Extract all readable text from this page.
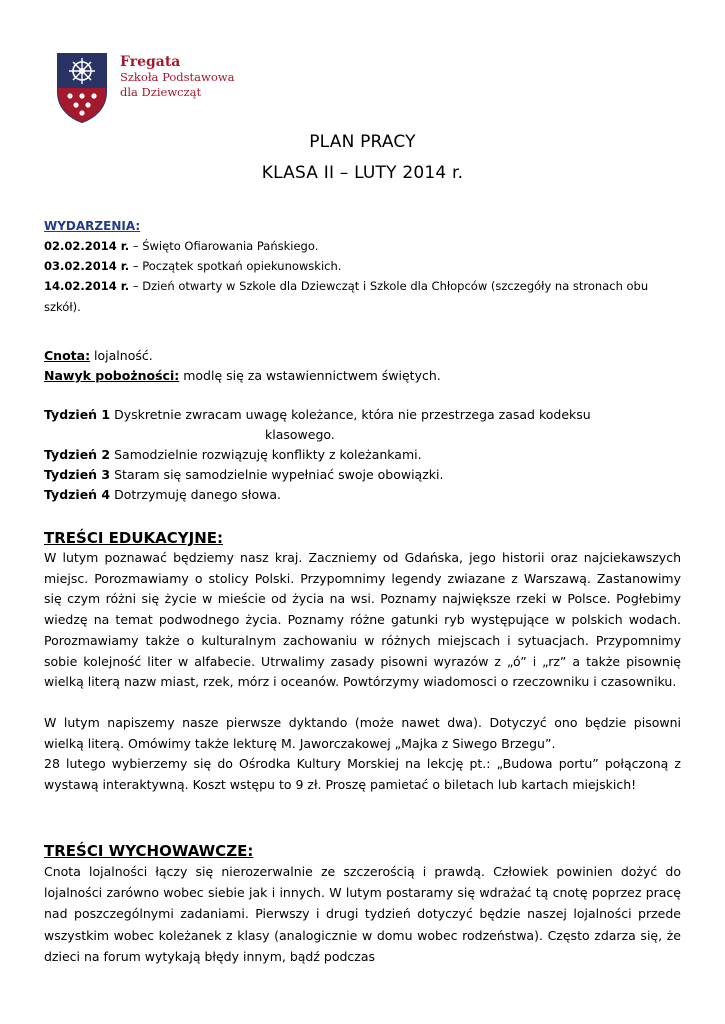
Fregata
Szkoła Podstawowa
dla Dziewcząt
PLAN PRACY
KLASA II – LUTY 2014 r.
WYDARZENIA:
02.02.2014 r. – Święto Ofiarowania Pańskiego.
03.02.2014 r. – Początek spotkań opiekunowskich.
14.02.2014 r. – Dzień otwarty w Szkole dla Dziewcząt i Szkole dla Chłopców (szczegóły na stronach obu szkół).
Cnota: lojalność.
Nawyk pobożności: modlę się za wstawiennictwem świętych.
Tydzień 1 Dyskretnie zwracam uwagę koleżance, która nie przestrzega zasad kodeksu
klasowego.
Tydzień 2 Samodzielnie rozwiązuję konflikty z koleżankami.
Tydzień 3 Staram się samodzielnie wypełniać swoje obowiązki.
Tydzień 4 Dotrzymuję danego słowa.
TREŚCI EDUKACYJNE:

W lutym poznawać będziemy nasz kraj. Zaczniemy od Gdańska, jego historii oraz najciekawszych miejsc. Porozmawiamy o stolicy Polski. Przypomnimy legendy zwiazane z Warszawą. Zastanowimy się czym różni się życie w mieście od życia na wsi. Poznamy największe rzeki w Polsce. Pogłebimy wiedzę na temat podwodnego życia. Poznamy różne gatunki ryb występujące w polskich wodach. Porozmawiamy także o kulturalnym zachowaniu w różnych miejscach i sytuacjach. Przypomnimy sobie kolejność liter w alfabecie. Utrwalimy zasady pisowni wyrazów z „ó” i „rz” a także pisownię wielką literą nazw miast, rzek, mórz i oceanów. Powtórzymy wiadomosci o rzeczowniku i czasowniku.

W lutym napiszemy nasze pierwsze dyktando (może nawet dwa). Dotyczyć ono będzie pisowni wielką literą. Omówimy także lekturę M. Jaworczakowej „Majka z Siwego Brzegu”.

28 lutego wybierzemy się do Ośrodka Kultury Morskiej na lekcję pt.: „Budowa portu” połączoną z wystawą interaktywną. Koszt wstępu to 9 zł. Proszę pamietać o biletach lub kartach miejskich!

TREŚCI WYCHOWAWCZE:

Cnota lojalności łączy się nierozerwalnie ze szczerością i prawdą. Człowiek powinien dożyć do lojalności zarówno wobec siebie jak i innych. W lutym postaramy się wdrażać tą cnotę poprzez pracę nad poszczególnymi zadaniami. Pierwszy i drugi tydzień dotyczyć będzie naszej lojalności przede wszystkim wobec koleżanek z klasy (analogicznie w domu wobec rodzeństwa). Często zdarza się, że dzieci na forum wytykają błędy innym, bądź podczas
